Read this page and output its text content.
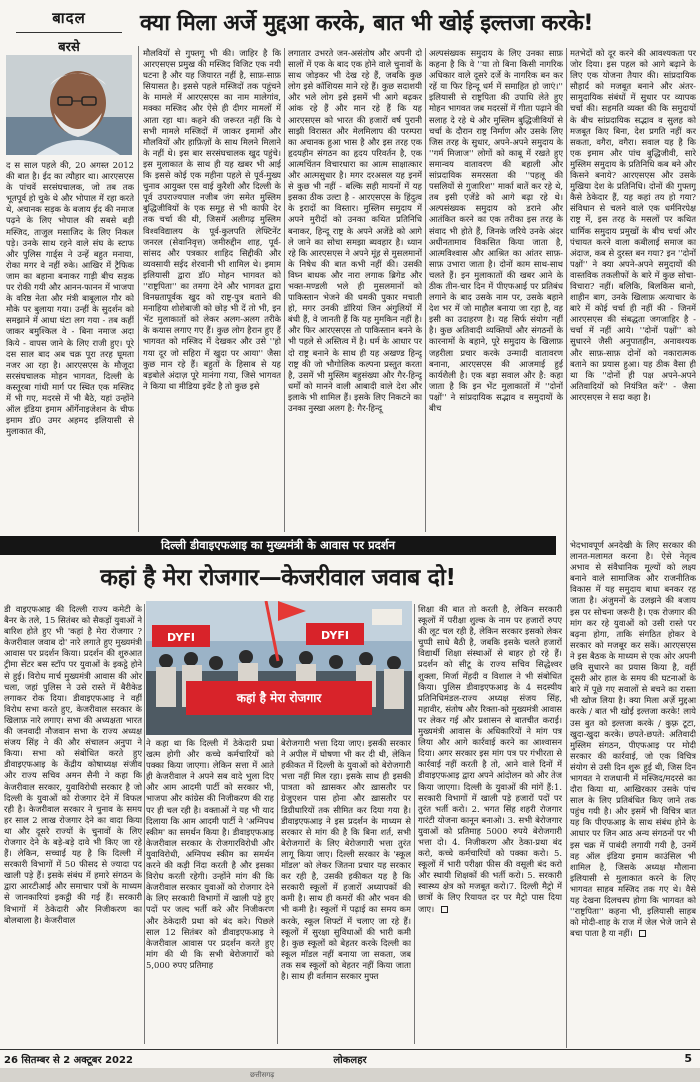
बादल
बरसे
द स साल पहले की, 20 अगस्त 2012 की बात है। ईद का त्यौहार था। आरएसएस के पांचवें सरसंघचालक, जो तब तक भूतपूर्व हो चुके थे और भोपाल में रहा करते थे, अचानक सड़क के बजाय ईद की नमाज पढ़ने के लिए भोपाल की सबसे बड़ी मस्जिद, ताजुल मसाजिद के लिए निकल पड़े। उनके साथ रहने वाले संघ के स्टाफ और पुलिस गार्ड्स ने उन्हें बहुत मनाया, रोका मगर वे नहीं रुके। आखिर में ट्रैफिक जाम का बहाना बनाकर गाड़ी बीच सड़क पर रोकी गयी और आनन-फानन में भाजपा के वरिष्ठ नेता और मंत्री बाबूलाल गौर को मौके पर बुलाया गया। उन्हीं के सुदर्शन को समझाने में आधा घंटा लग गया - तब कहीं जाकर बमुश्किल वे - बिना नमाज अदा किये - वापस जाने के लिए राजी हुए। पूरे दस साल बाद अब चक्र पूरा तरह घूमता नजर आ रहा है। आरएसएस के मौजूदा सरसंघचालक मोहन भागवत, दिल्ली के कस्तूरबा गांधी मार्ग पर स्थित एक मस्जिद में भी गए, मदरसे में भी बैठे, यहां उन्होंने ऑल इंडिया इमाम ऑर्गेनाइजेशन के चीफ इमाम डॉ0 उमर अहमद इलियासी से मुलाकात की,
क्या मिला अर्जे मुद्दआ करके, बात भी खोई इल्तजा करके!
मौलवियों से गुफ्तगू भी की। जाहिर है कि आरएसएस प्रमुख की मस्जिद विजिट एक नयी घटना है और यह जियारत नहीं है, साफ़-साफ़ सियासत है। इससे पहले मस्जिदों तक पहुंचने के मामले में आरएसएस का नाम मालेगांव, मक्का मस्जिद और ऐसे ही दीगर मामलों में आता रहा था। कहने की जरूरत नहीं कि ये सभी मामले मस्जिदों में जाकर इमामों और मौलवियों और हाफ़िज़ों के साथ मिलने मिलाने के नहीं थे। इस बार सरसंघचालक खुद पहुंचे। इस मुलाकात के साथ ही यह खबर भी आई कि इससे कोई एक महीना पहले से पूर्व-मुख्य चुनाव आयुक्त एस वाई कुरैशी और दिल्ली के पूर्व उपराज्यपाल नजीब जंग समेत मुस्लिम बुद्धिजीवियों के एक समूह से भी काफी देर तक चर्चा की थी, जिसमें अलीगढ़ मुस्लिम विश्वविद्यालय के पूर्व-कुलपति लेफ्टिनेंट जनरल (सेवानिवृत्त) जमीरुद्दीन शाह, पूर्व-सांसद और पत्रकार शाहिद सिद्दीकी और व्यवसायी सईद शेरवानी भी शामिल थे। इमाम इलियासी द्वारा डॉ0 मोहन भागवत को ''राष्ट्रपिता'' का तमगा देने और भागवत द्वारा विनम्रतापूर्वक खुद को राष्ट्र-पुत्र बताने की मनाहिया शोशेबाजी को छोड़ भी दें तो भी, इन भेंट मुलाकातों को लेकर अलग-अलग तरीके के कयास लगाए गए हैं। कुछ लोग हैरान हुए हैं भागवत को मस्जिद में देखकर और उसे ''हो गया दूर जो सहिरा में खुदा पर आया'' जैसा कुछ मान रहे हैं। बहुतों के हिसाब से यह बड़बोले अंदाज़ पूरे मानंगा गया, जिसे भागवत ने किया था मीडिया इवेंट है तो कुछ इसे
लगातार उभरते जन-असंतोष और अपनी दो सालों में एक के बाद एक होने वाले चुनावों के साथ जोड़कर भी देख रहे हैं, जबकि कुछ लोग इसे कॉशियस माने रहे हैं। कुछ सदाशयी और भले लोग इसे इसमें भी आगे बढ़कर आंक रहे हैं और मान रहे हैं कि यह आरएसएस को भारत की हजारों वर्ष पुरानी साझी विरासत और मेलमिलाप की परम्परा का अचानक हुआ भास है और इस तरह एक हृदयहीन संगठन का हृदय परिवर्तन है, एक आत्मचिंतन विचारधारा का आत्म साक्षात्कार और आत्मसुधार है। मगर दरअसल यह इनमें से कुछ भी नहीं - बल्कि सही मायनों में यह इसका ठीक उल्टा है - आरएसएस के हिंदुत्व के इरादों का विस्तार। मुस्लिम समुदाय में अपने मुरीदों को उनका कथित प्रतिनिधि बनाकर, हिन्दू राष्ट्र के अपने अजेंडे को आगे ले जाने का सोचा समझा ब्यवहार है। ध्यान रहे कि आरएसएस ने अपने मूंह से मुसलमानों के निषेध की बात कभी नहीं की। उसकी विघ्न बाधक और नारा लगाक ब्रिगेड और भक्त-मण्डली भले ही मुसलमानों को पाकिस्तान भेजने की धमकी पुकार मचाती हो, मगर उनकी डॉरियां जिन अंगुलियों में बंधी हैं, वे जानती हैं कि यह मुमकिन नहीं है। और फिर आरएसएस तो पाकिस्तान बनने के भी पहले से अस्तित्व में है। धर्म के आधार पर दो राष्ट्र बनाने के साथ ही यह अखण्ड हिन्दू राष्ट्र की जो भौगोलिक कल्पना प्रस्तुत करता है, उसमें भी मुस्लिम बहुसंख्या और गैर-हिन्दू धर्मों को मानने वाली आबादी वाले देश और इलाके भी शामिल हैं। इसके लिए निकटने का उनका नुस्खा अलग है: गैर-हिन्दू
अल्पसंख्यक समुदाय के लिए उनका साफ़ कहना है कि वे ''या तो बिना किसी नागरिक अधिकार वाले दूसरे दर्जे के नागरिक बन कर रहें या फिर हिन्दू धर्म में समाहित हो जाएं।'' इलियासी से राष्ट्रपिता की उपाधि लेते हुए मोहन भागवत जब मदरसों में गीता पढ़ाने की सलाह दे रहे थे और मुस्लिम बुद्धिजीवियों से चर्चा के दौरान राष्ट्र निर्माण और उसके लिए जिस तरह के सुधार, अपने-अपने समुदाय के ''गर्म मिजाज'' लोगों को काबू में रखते हुए समान्वय वातावरण की बहाली और सांप्रदायिक समरसता की ''पहलू की पसलियों से गुजारिश'' मार्का बातें कर रहे थे, तब इसी एजेंडे को आगे बढ़ा रहे थे। अल्पसंख्यक समुदाय को डराने और आतंकित करने का एक तरीका इस तरह के संवाद भी होते हैं, जिनके जरिये उनके अंदर अधीनतामाव विकसित किया जाता है, आत्मविश्वास और आश्रित का आंतर साफ़-साफ़ उभारा जाता है। दोनों काम साथ-साथ चलते हैं। इन मुलाकातों की खबर आने के ठीक तीन-चार दिन में पीएफआई पर प्रतिबंध लगाने के बाद उसके नाम पर, उसके बहाने देश भर में जो माहौल बनाया जा रहा है, वह इसी का उदाहरण है। यह सिर्फ संयोग नहीं है। कुछ अतिवादी व्यक्तियों और संगठनों के कारनामों के बहाने, पूरे समुदाय के खिलाफ़ जहरीला प्रचार करके उन्मादी वातावरण बनाना, आरएसएस की आजमाई हुई कार्यशैली है। एक बड़ा सवाल और है: कहा जाता है कि इन भेंट मुलाकातों में ''दोनों पक्षों'' ने सांप्रदायिक सद्भाव व समुदायों के बीच
मतभेदों को दूर करने की आवश्यकता पर जोर दिया। इस पहल को आगे बढ़ाने के लिए एक योजना तैयार की। सांप्रदायिक सौहार्द को मजबूत बनाने और अंतर-सामुदायिक संबंधों में सुधार पर व्यापक चर्चा की। सहमति व्यक्त की कि समुदायों के बीच सांप्रदायिक सद्भाव व सुलह को मजबूत किए बिना, देश प्रगति नहीं कर सकता, वगैरा, वगैरा। सवाल यह है कि एक इमाम और पांच बुद्धिजीवी, सारे मुस्लिम समुदाय के प्रतिनिधि कब बने और किसने बनाये? आरएसएस और उसके मुखिया देश के प्रतिनिधि। दोनों की गुफ्तगू कैसे ठेकेदार हैं, यह कहां तय हो गया? संविधान से चलने वाले एक धर्मनिरपेक्ष राष्ट्र में, इस तरह के मसलों पर कथित धार्मिक समुदाय प्रमुखों के बीच चर्चा और पंचायत करने वाला कबीलाई समाज का अंदाज, कब से दुरस्त बन गया? इन ''दोनों पक्षों'' ने क्या अपने-अपने समुदायों की वास्तविक तकलीफों के बारे में कुछ सोचा-विचारा? नहीं। बलिकि, बिलकिस बानो, शाहीन बाग, उनके खिलाफ़ अत्याचार के बारे में कोई चर्चा ही नहीं की - जिनमें आरएसएस की संबद्धता जगजाहिर है - चर्चा में नहीं आये। ''दोनों पक्षों'' को सुधारने जैसी अनुपातहीन, अनावश्यक और साफ़-साफ़ दोनों को नकारात्मक बताने का प्रयास हुआ। यह ठीक वैसा ही था कि ''दोनों ही पक्ष अपने-अपने अतिवादियों को नियंत्रित करें'' - जैसा आरएसएस ने सदा कहा है।
भेदभावपूर्ण अनदेखी के लिए सरकार की लानत-मलामत करना है। ऐसे नेतृत्व अभाव से संवैधानिक मूल्यों को लक्ष्य बनाने वाले सामाजिक और राजनीतिक विकास में यह समुदाय बाधा बनकर रह जाता है। अंजुमनों के उलझने की बजाय इस पर सोचना जरूरी है। एक रोजगार की मांग कर रहे युवाओं को उसी रास्ते पर बढ़ना होगा, ताकि संगठित होकर वे सरकार को मजबूर कर सकें। आरएसएस ने इस बैठक के माध्यम से एक ओर अपनी छवि सुधारने का प्रयास किया है, वहीं दूसरी ओर हाल के समय की घटनाओं के बारे में पूछे गए सवालों से बचने का रास्ता भी खोज लिया है। क्या मिला अर्ज़े मुद्दआ करके / बात भी खोई इल्तजा करके! लाये उस बुत को इल्तजा करके / कुफ़्र टूटा, खुदा-खुदा करके। छपते-छपते: अतिवादी मुस्लिम संगठन, पीएफआइ पर मोदी सरकार की कार्रवाई, जो एक विचित्र संयोग से उसी दिन शुरू हुई थी, जिस दिन भागवत ने राजधानी में मस्जिद/मदरसे का दौरा किया था, आखिरकार उसके पांच साल के लिए प्रतिबंधित किए जाने तक पहुंच गयी है। और इसमें भी विचित्र बात यह कि पीएफआइ के साथ संबंध होने के आधार पर जिन आठ अन्य संगठनों पर भी इस चक्र में पाबंदी लगायी गयी है, उनमें वह ऑल इंडिया इमाम काउंसिल भी शामिल है, जिसके अध्यक्ष मौलाना इलियासी से मुलाकात करने के लिए भागवत साहब मस्जिद तक गए थे। वैसे यह देखना दिलचस्प होगा कि भागवत को ''राष्ट्रपिता'' कहना भी, इलियासी साहब को मोदी-शाह के राज में जेल भेजे जाने से बचा पाता है या नहीं।
दिल्ली डीवाइएफआइ का मुख्यमंत्री के आवास पर प्रदर्शन
कहां है मेरा रोजगार—केजरीवाल जवाब दो!
डी वाइएफआइ की दिल्ली राज्य कमेटी के बैनर के तले, 15 सितंबर को सैकड़ों युवाओं ने बारिश होते हुए भी 'कहां है मेरा रोजगार ? केजरीवाल जवाब दो' नारे लगाते हुए मुख्यमंत्री आवास पर प्रदर्शन किया। प्रदर्शन की शुरुआत ट्रीमा सेंटर बस स्टॉप पर युवाओं के इकट्ठे होने से हुई। विरोध मार्च मुख्यमंत्री आवास की ओर चला, जहां पुलिस ने उसे रास्ते में बैरीकेड लगाकर रोक दिया। डीवाइएफआइ ने वहीं विरोध सभा करते हुए, केजरीवाल सरकार के खिलाफ़ नारे लगाए। सभा की अध्यक्षता भारत की जनवादी नौजवान सभा के राज्य अध्यक्ष संजय सिंह ने की और संचालन अनुपा ने किया। सभा को संबोधित करते हुए डीवाइएफआइ के केंद्रीय कोषाध्यक्ष संजीव और राज्य सचिव अमन सैनी ने कहा कि केजरीवाल सरकार, युवाविरोधी सरकार है जो दिल्ली के युवाओं को रोजगार देने में विफल रही है। केजरीवाल सरकार ने चुनाव के समय हर साल 2 लाख रोजगार देने का वादा किया था और दूसरे राज्यों के चुनावों के लिए रोजगार देने के बड़े-बड़े दावे भी किए जा रहे हैं। लेकिन, सच्चाई यह है कि दिल्ली में सरकारी विभागों में 50 फीसद से ज्यादा पद खाली पड़े हैं। इसके संबंध में हमारे संगठन के द्वारा आरटीआई और समाचार पत्रों के माध्यम से जानकारियां इकट्ठी की गई हैं। सरकारी विभागों में ठेकेदारी और निजीकरण का बोलबाला है। केजरीवाल
DYFI	DYFI
कहां है मेरा रोजगार
ने कहा था कि दिल्ली में ठेकेदारी प्रथा खत्म होगी और कच्चे कर्मचारियों को पक्का किया जाएगा। लेकिन सत्ता में आते ही केजरीवाल ने अपने सब वादे भुला दिए और आम आदमी पार्टी को सरकार भी, भाजपा और कांग्रेस की निजीकरण की राह पर ही चल रही है। वक्ताओं ने यह भी याद दिलाया कि आम आदमी पार्टी ने 'अग्निपथ स्कीम' का समर्थन किया है। डीवाइएफआइ केजरीवाल सरकार के रोजगारविरोधी और युवाविरोधी, अग्निपथ स्कीम का समर्थन करने की कड़ी निंदा करती है और इसका विरोध करती रहेगी। उन्होंने मांग की कि केजरीवाल सरकार युवाओं को रोजगार देने के लिए सरकारी विभागों में खाली पड़े हुए पदों पर जल्द भर्ती करे और निजीकरण और ठेकेदारी प्रथा को बंद करे। पिछले साल 12 सितंबर को डीवाइएफआइ ने केजरीवाल आवास पर प्रदर्शन करते हुए मांग की थी कि सभी बेरोजगारों को 5,000 रुपए प्रतिमाह
बेरोजगारी भत्ता दिया जाए। इसकी सरकार ने अपील में घोषणा भी कर दी थी, लेकिन हकीकत में दिल्ली के युवाओं को बेरोजगारी भत्ता नहीं मिल रहा। इसके साथ ही इसकी पात्रता को ख़ासकर और ख़ासतौर पर ग्रेजुएशन पास होना और ख़ासतौर पर डिग्रीधारियों तक सीमित कर दिया गया है। डीवाइएफआइ ने इस प्रदर्शन के माध्यम से सरकार से मांग की है कि बिना शर्त, सभी बेरोजगारों के लिए बेरोजगारी भत्ता तुरंत लागू किया जाए। दिल्ली सरकार के 'स्कूल मॉडल' को लेकर जितना प्रचार यह सरकार कर रही है, उसकी हकीकत यह है कि सरकारी स्कूलों में हजारों अध्यापकों की कमी है। साथ ही कमरों की और भवन की भी कमी है। स्कूलों में पढ़ाई का समय कम करके, स्कूल शिफ्टों में चलाए जा रहे हैं। स्कूलों में सुरक्षा सुविधाओं की भारी कमी है। कुछ स्कूलों को बेहतर करके दिल्ली का स्कूल मॉडल नहीं बनाया जा सकता, जब तक सब स्कूलों को बेहतर नहीं किया जाता है। साथ ही वर्तमान सरकार मुफ्त
शिक्षा की बात तो करती है, लेकिन सरकारी स्कूलों में परीक्षा शुल्क के नाम पर हजारों रुपए की लूट चल रही है, लेकिन सरकार इसको लेकर चुप्पी साधे बैठी है, जबकि इसके चलते हजारों विद्यार्थी शिक्षा संस्थाओं से बाहर हो रहे हैं। प्रदर्शन को सीटू के राज्य सचिव सिद्धेश्वर शुक्ला, मिर्जा मेंहदी व विशाल ने भी संबोधित किया। पुलिस डीवाइएफआइ के 4 सदस्यीय प्रतिनिधिमंडल-राज्य अध्यक्ष संजय सिंह, महावीर, संतोष और रिक्ता-को मुख्यमंत्री आवास पर लेकर गई और प्रशासन से बातचीत कराई। मुख्यमंत्री आवास के अधिकारियों ने मांग पत्र लिया और आगे कार्रवाई करने का आश्वासन दिया। अगर सरकार इस मांग पत्र पर गंभीरता से कार्रवाई नहीं करती है तो, आने वाले दिनों में डीवाइएफआइ द्वारा अपने आंदोलन को और तेज किया जाएगा। दिल्ली के युवाओं की मांगें हैं:1. सरकारी विभागों में खाली पड़े हजारों पदों पर तुरंत भर्ती करो। 2. भगत सिंह शहरी रोजगार गारंटी योजना कानून बनाओ। 3. सभी बेरोजगार युवाओं को प्रतिमाह 5000 रुपये बेरोजगारी भत्ता दो। 4. निजीकरण और ठेका-प्रथा बंद करो, कच्चे कर्मचारियों को पक्का करो। 5. स्कूलों में भारी परीक्षा फीस की वसूली बंद करो और स्थायी शिक्षकों की भर्ती करो। 5. सरकारी स्वास्थ्य क्षेत्र को मजबूत करो।7. दिल्ली मैट्रो में छात्रों के लिए रियायत दर पर मैट्रो पास दिया जाए।
26 सितम्बर से 2 अक्टूबर 2022	लोकलहर	5
छत्तीसगढ़
